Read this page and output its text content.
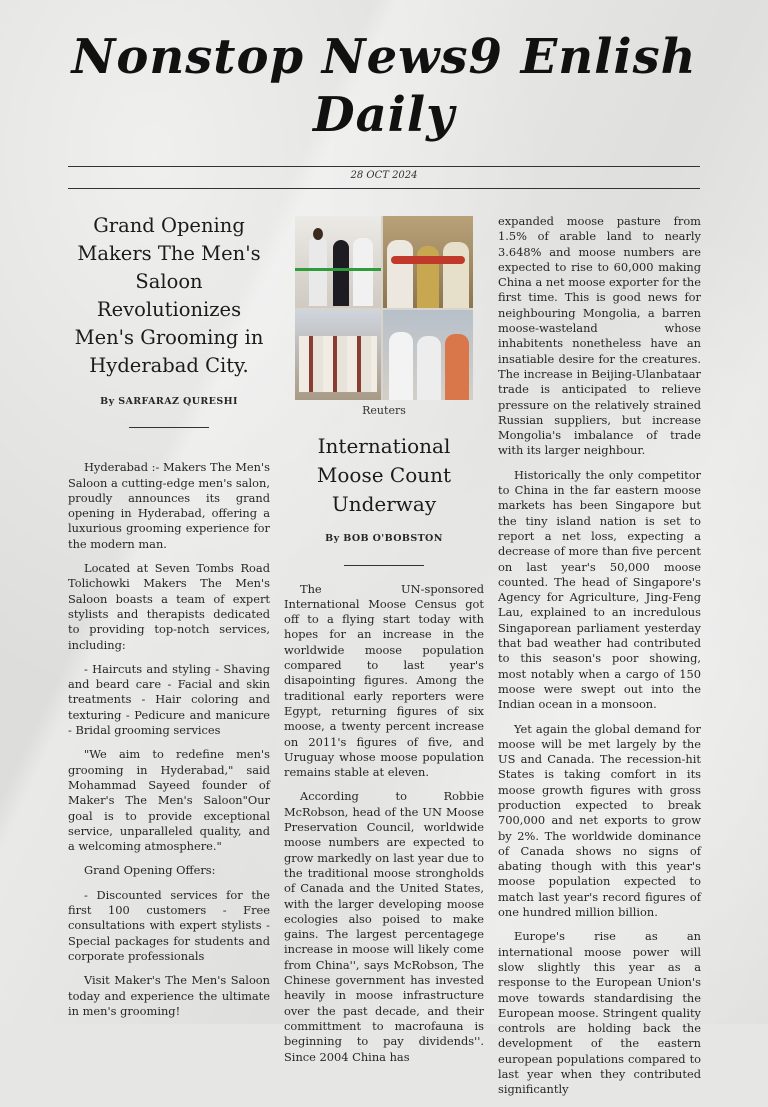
Nonstop News9 Enlish Daily
28 OCT 2024
Grand Opening Makers The Men's Saloon Revolutionizes Men's Grooming in Hyderabad City.
By SARFARAZ QURESHI

Hyderabad :- Makers The Men's Saloon a cutting-edge men's salon, proudly announces its grand opening in Hyderabad, offering a luxurious grooming experience for the modern man.

Located at Seven Tombs Road Tolichowki Makers The Men's Saloon boasts a team of expert stylists and therapists dedicated to providing top-notch services, including:

- Haircuts and styling - Shaving and beard care - Facial and skin treatments - Hair coloring and texturing - Pedicure and manicure - Bridal grooming services

"We aim to redefine men's grooming in Hyderabad," said Mohammad Sayeed founder of Maker's The Men's Saloon"Our goal is to provide exceptional service, unparalleled quality, and a welcoming atmosphere."

Grand Opening Offers:

- Discounted services for the first 100 customers - Free consultations with expert stylists - Special packages for students and corporate professionals

Visit Maker's The Men's Saloon today and experience the ultimate in men's grooming!

Reuters
International Moose Count Underway
By BOB O'BOBSTON

The UN-sponsored International Moose Census got off to a flying start today with hopes for an increase in the worldwide moose population compared to last year's disapointing figures. Among the traditional early reporters were Egypt, returning figures of six moose, a twenty percent increase on 2011's figures of five, and Uruguay whose moose population remains stable at eleven.

According to Robbie McRobson, head of the UN Moose Preservation Council, worldwide moose numbers are expected to grow markedly on last year due to the traditional moose strongholds of Canada and the United States, with the larger developing moose ecologies also poised to make gains. The largest percentagege increase in moose will likely come from China'', says McRobson, The Chinese government has invested heavily in moose infrastructure over the past decade, and their committment to macrofauna is beginning to pay dividends''. Since 2004 China has

expanded moose pasture from 1.5% of arable land to nearly 3.648% and moose numbers are expected to rise to 60,000 making China a net moose exporter for the first time. This is good news for neighbouring Mongolia, a barren moose-wasteland whose inhabitents nonetheless have an insatiable desire for the creatures. The increase in Beijing-Ulanbataar trade is anticipated to relieve pressure on the relatively strained Russian suppliers, but increase Mongolia's imbalance of trade with its larger neighbour.

Historically the only competitor to China in the far eastern moose markets has been Singapore but the tiny island nation is set to report a net loss, expecting a decrease of more than five percent on last year's 50,000 moose counted. The head of Singapore's Agency for Agriculture, Jing-Feng Lau, explained to an incredulous Singaporean parliament yesterday that bad weather had contributed to this season's poor showing, most notably when a cargo of 150 moose were swept out into the Indian ocean in a monsoon.

Yet again the global demand for moose will be met largely by the US and Canada. The recession-hit States is taking comfort in its moose growth figures with gross production expected to break 700,000 and net exports to grow by 2%. The worldwide dominance of Canada shows no signs of abating though with this year's moose population expected to match last year's record figures of one hundred million billion.

Europe's rise as an international moose power will slow slightly this year as a response to the European Union's move towards standardising the European moose. Stringent quality controls are holding back the development of the eastern european populations compared to last year when they contributed significantly
